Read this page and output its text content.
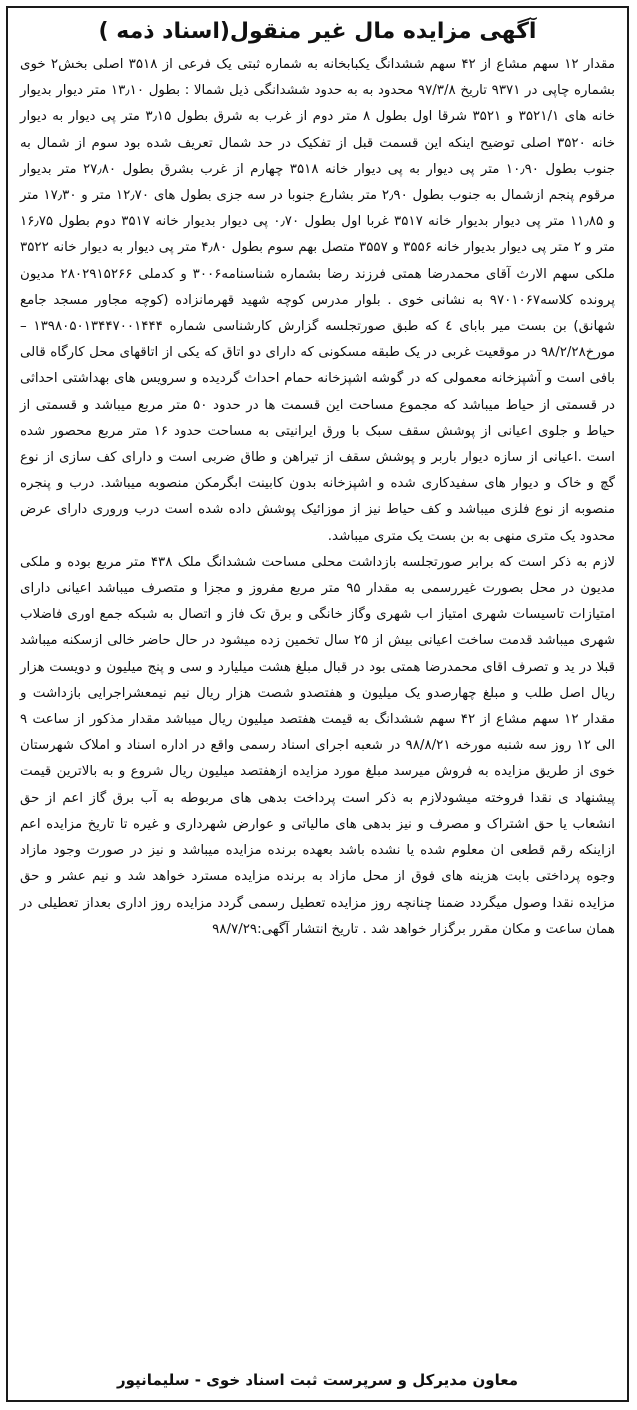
آگهی مزایده مال غیر منقول(اسناد ذمه )

مقدار ۱۲ سهم مشاع از ۴۲ سهم ششدانگ یکبابخانه به شماره ثبتی یک فرعی از ۳۵۱۸ اصلی بخش۲ خوی بشماره چاپی در ۹۳۷۱ تاریخ ۹۷/۳/۸ محدود به به حدود ششدانگی ذیل شمالا : بطول ۱۳٫۱۰ متر دیوار بدیوار خانه های ۳۵۲۱/۱ و ۳۵۲۱ شرقا اول بطول ۸ متر دوم از غرب به شرق بطول ۳٫۱۵ متر پی دیوار به دیوار خانه ۳۵۲۰ اصلی توضیح اینکه این قسمت قبل از تفکیک در حد شمال تعریف شده بود سوم از شمال به جنوب بطول ۱۰٫۹۰ متر پی دیوار به پی دیوار خانه ۳۵۱۸ چهارم از غرب بشرق بطول ۲۷٫۸۰ متر بدیوار مرقوم پنجم ازشمال به جنوب بطول ۲٫۹۰ متر بشارع جنوبا در سه جزی بطول های ۱۲٫۷۰ متر و ۱۷٫۳۰ متر و ۱۱٫۸۵ متر پی دیوار بدیوار خانه ۳۵۱۷ غربا اول بطول ۰٫۷۰ پی دیوار بدیوار خانه ۳۵۱۷ دوم بطول ۱۶٫۷۵ متر و ۲ متر پی دیوار بدیوار خانه ۳۵۵۶ و ۳۵۵۷ متصل بهم سوم بطول ۴٫۸۰ متر پی دیوار به دیوار خانه ۳۵۲۲ ملکی سهم الارث آقای محمدرضا همتی فرزند رضا بشماره شناسنامه۳۰۰۶ و کدملی ۲۸۰۲۹۱۵۲۶۶ مدیون پرونده کلاسه۹۷۰۱۰۶۷ به نشانی خوی . بلوار مدرس کوچه شهید قهرمانزاده (کوچه مجاور مسجد جامع شهانق) بن بست میر بابای ٤ که طبق صورتجلسه گزارش کارشناسی شماره ۱۳۹۸۰۵۰۱۳۴۴۷۰۰۱۴۴۴ – مورخ۹۸/۲/۲۸ در موقعیت غربی در یک طبقه مسکونی که دارای دو اتاق که یکی از اتاقهای محل کارگاه قالی بافی است و آشپزخانه معمولی که در گوشه اشپزخانه حمام احداث گردیده و سرویس های بهداشتی احداثی در قسمتی از حیاط میباشد که مجموع مساحت این قسمت ها در حدود ۵۰ متر مربع میباشد و قسمتی از حیاط و جلوی اعیانی از پوشش سقف سبک با ورق ایرانیتی به مساحت حدود ۱۶ متر مربع محصور شده است .اعیانی از سازه دیوار باربر و پوشش سقف از تیراهن و طاق ضربی است و دارای کف سازی از نوع گچ و خاک و دیوار های سفیدکاری شده و اشپزخانه بدون کابینت ابگرمکن منصوبه میباشد. درب و پنجره منصوبه از نوع فلزی میباشد و کف حیاط نیز از موزائیک پوشش داده شده است درب وروری دارای عرض محدود یک متری منهی به بن بست یک متری میباشد.

لازم به ذکر است که برابر صورتجلسه بازداشت محلی مساحت ششدانگ ملک ۴۳۸ متر مربع بوده و ملکی مدیون در محل بصورت غیررسمی به مقدار ۹۵ متر مربع مفروز و مجزا و متصرف میباشد اعیانی دارای امتیازات تاسیسات شهری امتیاز اب شهری وگاز خانگی و برق تک فاز و اتصال به شبکه جمع اوری فاضلاب شهری میباشد قدمت ساخت اعیانی بیش از ۲۵ سال تخمین زده میشود در حال حاضر خالی ازسکنه میباشد قبلا در ید و تصرف اقای محمدرضا همتی بود در قبال مبلغ هشت میلیارد و سی و پنج میلیون و دویست هزار ریال اصل طلب و مبلغ چهارصدو یک میلیون و هفتصدو شصت هزار ریال نیم نیمعشراجرایی بازداشت و مقدار ۱۲ سهم مشاع از ۴۲ سهم ششدانگ به قیمت هفتصد میلیون ریال میباشد مقدار مذکور از ساعت ۹ الی ۱۲ روز سه شنبه مورخه ۹۸/۸/۲۱ در شعبه اجرای اسناد رسمی واقع در اداره اسناد و املاک شهرستان خوی از طریق مزایده به فروش میرسد مبلغ مورد مزایده ازهفتصد میلیون ریال شروع و به بالاترین قیمت پیشنهاد ی نقدا فروخته میشودلازم به ذکر است پرداخت بدهی های مربوطه به آب برق گاز اعم از حق انشعاب یا حق اشتراک و مصرف و نیز بدهی های مالیاتی و عوارض شهرداری و غیره تا تاریخ مزایده اعم ازاینکه رقم قطعی ان معلوم شده یا نشده باشد بعهده برنده مزایده میباشد و نیز در صورت وجود مازاد وجوه پرداختی بابت هزینه های فوق از محل مازاد به برنده مزایده مسترد خواهد شد و نیم عشر و حق مزایده نقدا وصول میگردد ضمنا چنانچه روز مزایده تعطیل رسمی گردد مزایده روز اداری بعداز تعطیلی در همان ساعت و مکان مقرر برگزار خواهد شد . تاریخ انتشار آگهی:۹۸/۷/۲۹

معاون مدیرکل و سرپرست ثبت اسناد خوی - سلیمانپور
